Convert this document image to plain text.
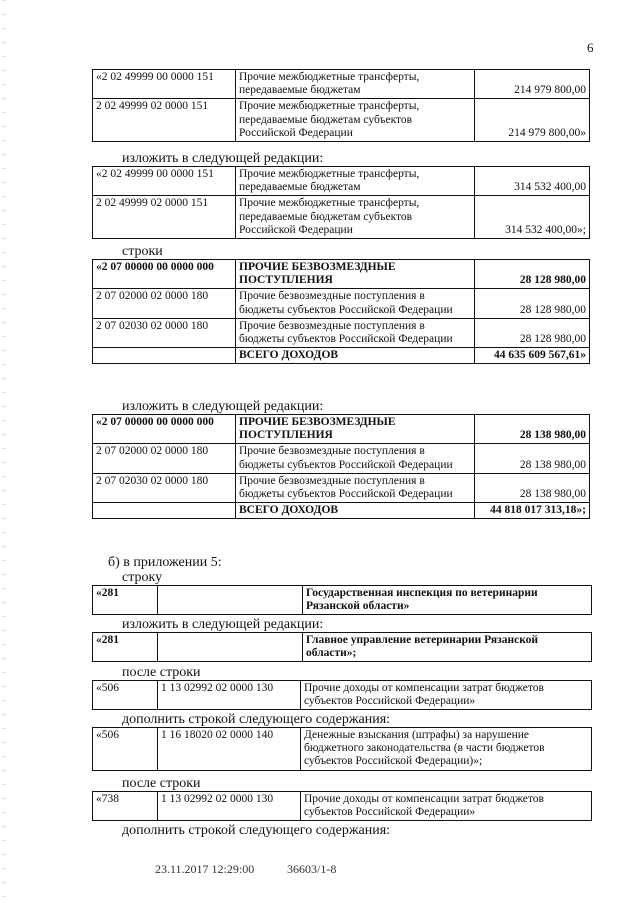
6
«2 02 49999 00 0000 151	Прочие межбюджетные трансферты, передаваемые бюджетам	214 979 800,00
2 02 49999 02 0000 151	Прочие межбюджетные трансферты, передаваемые бюджетам субъектов Российской Федерации	214 979 800,00»
изложить в следующей редакции:
«2 02 49999 00 0000 151	Прочие межбюджетные трансферты, передаваемые бюджетам	314 532 400,00
2 02 49999 02 0000 151	Прочие межбюджетные трансферты, передаваемые бюджетам субъектов Российской Федерации	314 532 400,00»;
строки
«2 07 00000 00 0000 000	ПРОЧИЕ БЕЗВОЗМЕЗДНЫЕ ПОСТУПЛЕНИЯ	28 128 980,00
2 07 02000 02 0000 180	Прочие безвозмездные поступления в бюджеты субъектов Российской Федерации	28 128 980,00
2 07 02030 02 0000 180	Прочие безвозмездные поступления в бюджеты субъектов Российской Федерации	28 128 980,00
	ВСЕГО ДОХОДОВ	44 635 609 567,61»
изложить в следующей редакции:
«2 07 00000 00 0000 000	ПРОЧИЕ БЕЗВОЗМЕЗДНЫЕ ПОСТУПЛЕНИЯ	28 138 980,00
2 07 02000 02 0000 180	Прочие безвозмездные поступления в бюджеты субъектов Российской Федерации	28 138 980,00
2 07 02030 02 0000 180	Прочие безвозмездные поступления в бюджеты субъектов Российской Федерации	28 138 980,00
	ВСЕГО ДОХОДОВ	44 818 017 313,18»;
б) в приложении 5:
строку
«281		Государственная инспекция по ветеринарии Рязанской области»
изложить в следующей редакции:
«281		Главное управление ветеринарии Рязанской области»;
после строки
«506	1 13 02992 02 0000 130	Прочие доходы от компенсации затрат бюджетов субъектов Российской Федерации»
дополнить строкой следующего содержания:
«506	1 16 18020 02 0000 140	Денежные взыскания (штрафы) за нарушение бюджетного законодательства (в части бюджетов субъектов Российской Федерации)»;
после строки
«738	1 13 02992 02 0000 130	Прочие доходы от компенсации затрат бюджетов субъектов Российской Федерации»
дополнить строкой следующего содержания:
23.11.2017 12:29:00	36603/1-8
